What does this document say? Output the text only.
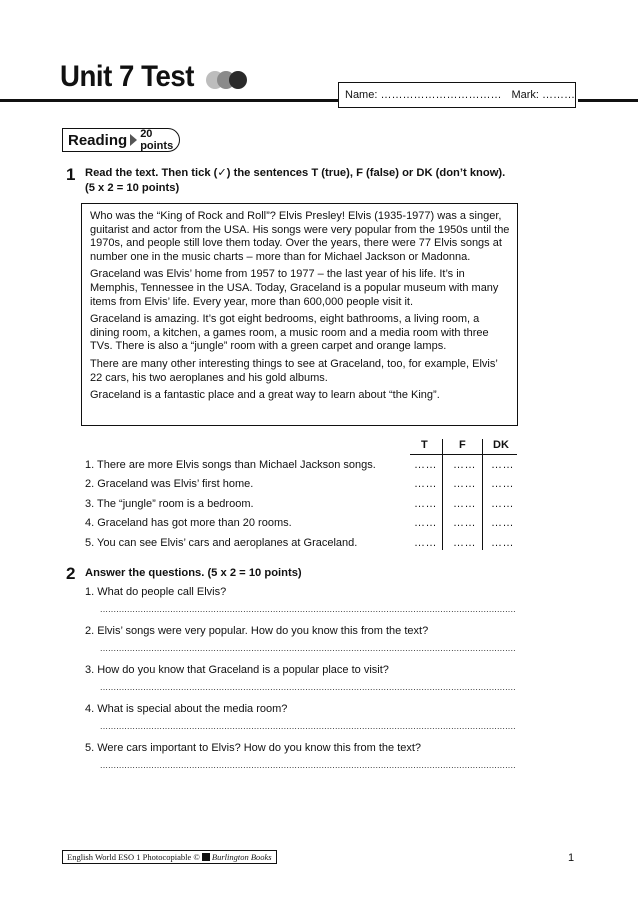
Unit 7 Test
Name: …………………………… Mark: ………
Reading 20 points
1 Read the text. Then tick (✓) the sentences T (true), F (false) or DK (don’t know).
(5 x 2 = 10 points)

Who was the “King of Rock and Roll”? Elvis Presley! Elvis (1935-1977) was a singer, guitarist and actor from the USA. His songs were very popular from the 1950s until the 1970s, and people still love them today. Over the years, there were 77 Elvis songs at number one in the music charts – more than for Michael Jackson or Madonna.

Graceland was Elvis’ home from 1957 to 1977 – the last year of his life. It’s in Memphis, Tennessee in the USA. Today, Graceland is a popular museum with many items from Elvis’ life. Every year, more than 600,000 people visit it.

Graceland is amazing. It’s got eight bedrooms, eight bathrooms, a living room, a dining room, a kitchen, a games room, a music room and a media room with three TVs. There is also a “jungle” room with a green carpet and orange lamps.

There are many other interesting things to see at Graceland, too, for example, Elvis’ 22 cars, his two aeroplanes and his gold albums.

Graceland is a fantastic place and a great way to learn about “the King”.

T	F DK
1. There are more Elvis songs than Michael Jackson songs.	…… …… ……
2. Graceland was Elvis’ first home.	…… …… ……
3. The “jungle” room is a bedroom.	…… …… ……
4. Graceland has got more than 20 rooms.	…… …… ……
5. You can see Elvis’ cars and aeroplanes at Graceland.	…… …… ……
2 Answer the questions. (5 x 2 = 10 points)
1. What do people call Elvis?
..........................................................................................................................................................
2. Elvis’ songs were very popular. How do you know this from the text?
..........................................................................................................................................................
3. How do you know that Graceland is a popular place to visit?
..........................................................................................................................................................
4. What is special about the media room?
..........................................................................................................................................................
5. Were cars important to Elvis? How do you know this from the text?
..........................................................................................................................................................
English World ESO 1 Photocopiable © Burlington Books	1
